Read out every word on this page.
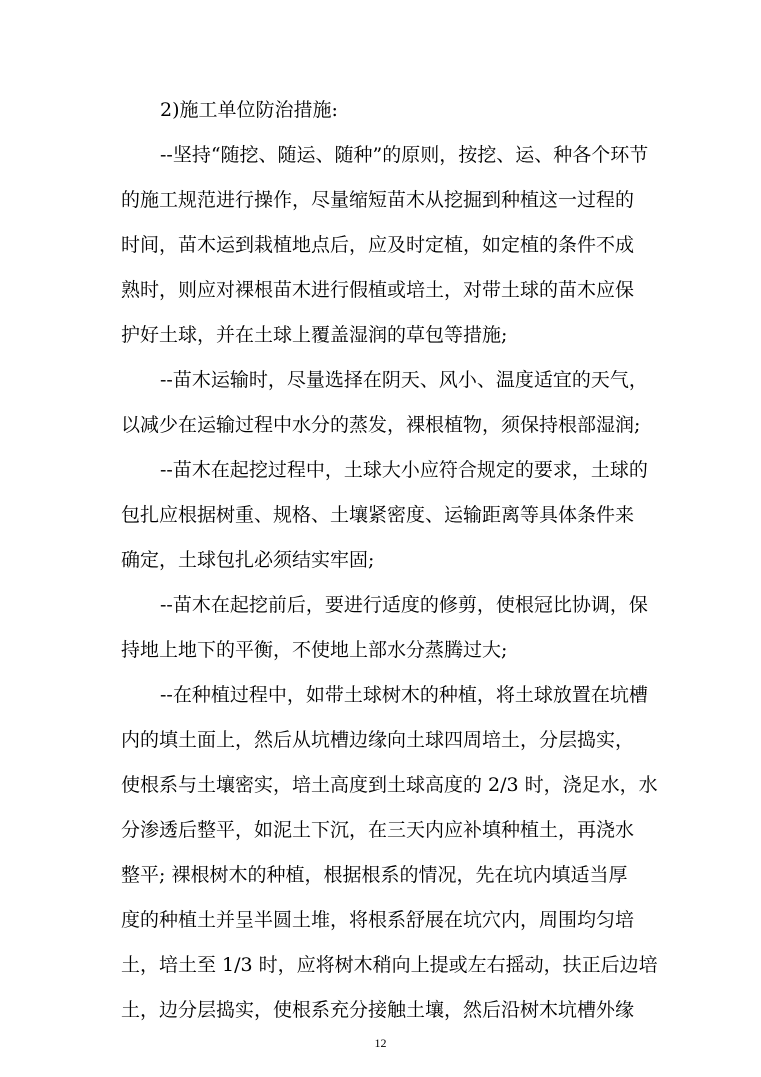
2)施工单位防治措施:
--坚持“随挖、随运、随种”的原则，按挖、运、种各个环节
的施工规范进行操作，尽量缩短苗木从挖掘到种植这一过程的
时间，苗木运到栽植地点后，应及时定植，如定植的条件不成
熟时，则应对裸根苗木进行假植或培土，对带土球的苗木应保
护好土球，并在土球上覆盖湿润的草包等措施;
--苗木运输时，尽量选择在阴天、风小、温度适宜的天气，
以减少在运输过程中水分的蒸发，裸根植物，须保持根部湿润;
--苗木在起挖过程中，土球大小应符合规定的要求，土球的
包扎应根据树重、规格、土壤紧密度、运输距离等具体条件来
确定，土球包扎必须结实牢固;
--苗木在起挖前后，要进行适度的修剪，使根冠比协调，保
持地上地下的平衡，不使地上部水分蒸腾过大;
--在种植过程中，如带土球树木的种植，将土球放置在坑槽
内的填土面上，然后从坑槽边缘向土球四周培土，分层捣实，
使根系与土壤密实，培土高度到土球高度的 2/3 时，浇足水，水
分渗透后整平，如泥土下沉，在三天内应补填种植土，再浇水
整平; 裸根树木的种植，根据根系的情况，先在坑内填适当厚
度的种植土并呈半圆土堆，将根系舒展在坑穴内，周围均匀培
土，培土至 1/3 时，应将树木稍向上提或左右摇动，扶正后边培
土，边分层捣实，使根系充分接触土壤，然后沿树木坑槽外缘
12
